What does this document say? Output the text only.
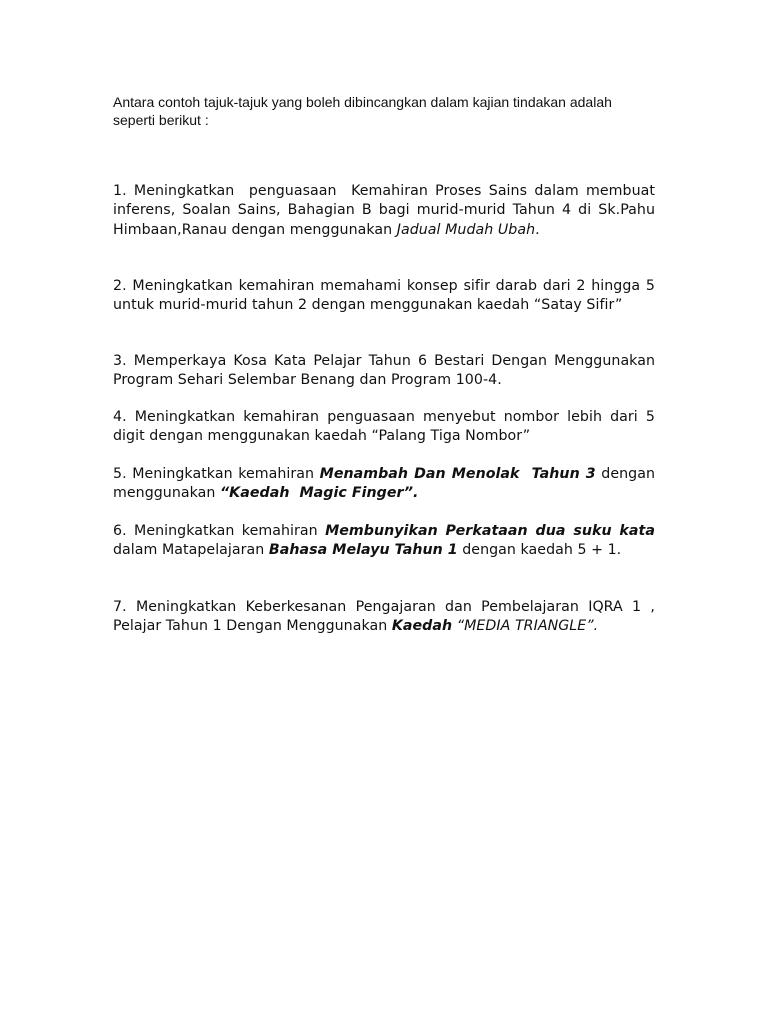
Antara contoh tajuk-tajuk yang boleh dibincangkan dalam kajian tindakan adalah seperti berikut :
1. Meningkatkan  penguasaan  Kemahiran Proses Sains dalam membuat inferens, Soalan Sains, Bahagian B bagi murid-murid Tahun 4 di Sk.Pahu Himbaan,Ranau dengan menggunakan Jadual Mudah Ubah.
2. Meningkatkan kemahiran memahami konsep sifir darab dari 2 hingga 5 untuk murid-murid tahun 2 dengan menggunakan kaedah “Satay Sifir”
3. Memperkaya Kosa Kata Pelajar Tahun 6 Bestari Dengan Menggunakan Program Sehari Selembar Benang dan Program 100-4.
4. Meningkatkan kemahiran penguasaan menyebut nombor lebih dari 5 digit dengan menggunakan kaedah “Palang Tiga Nombor”
5. Meningkatkan kemahiran Menambah Dan Menolak  Tahun 3 dengan menggunakan “Kaedah  Magic Finger”.
6. Meningkatkan kemahiran Membunyikan Perkataan dua suku kata dalam Matapelajaran Bahasa Melayu Tahun 1 dengan kaedah 5 + 1.
7. Meningkatkan Keberkesanan Pengajaran dan Pembelajaran IQRA 1 , Pelajar Tahun 1 Dengan Menggunakan Kaedah “MEDIA TRIANGLE”.
